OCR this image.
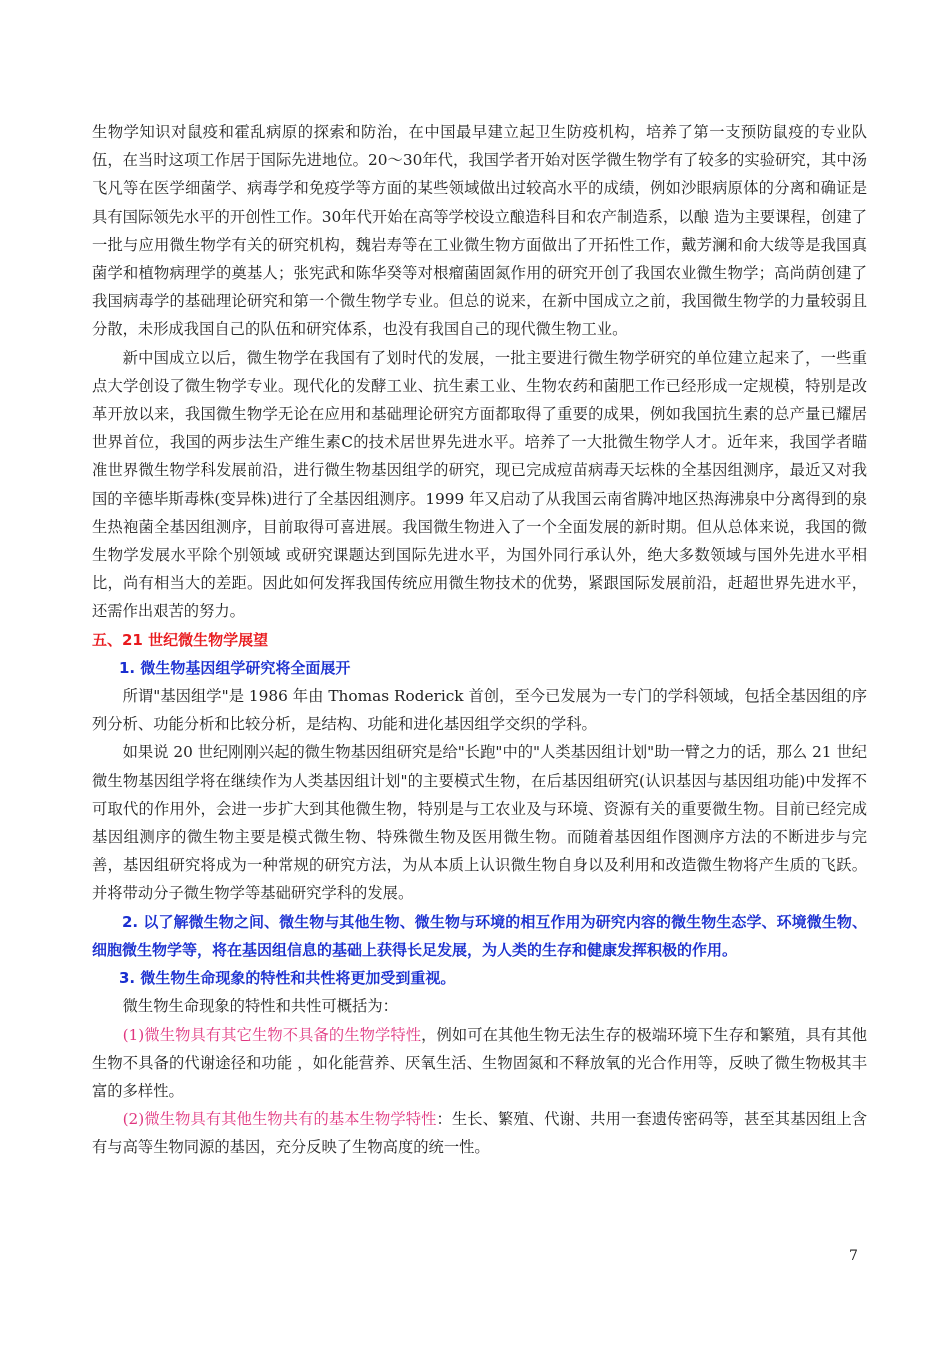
生物学知识对鼠疫和霍乱病原的探索和防治，在中国最早建立起卫生防疫机构，培养了第一支预防鼠疫的专业队伍，在当时这项工作居于国际先进地位。20～30年代，我国学者开始对医学微生物学有了较多的实验研究，其中汤飞凡等在医学细菌学、病毒学和免疫学等方面的某些领域做出过较高水平的成绩，例如沙眼病原体的分离和确证是具有国际领先水平的开创性工作。30年代开始在高等学校设立酿造科目和农产制造系，以酿 造为主要课程，创建了一批与应用微生物学有关的研究机构，魏岩寿等在工业微生物方面做出了开拓性工作，戴芳澜和俞大绂等是我国真菌学和植物病理学的奠基人；张宪武和陈华癸等对根瘤菌固氮作用的研究开创了我国农业微生物学；高尚荫创建了我国病毒学的基础理论研究和第一个微生物学专业。但总的说来，在新中国成立之前，我国微生物学的力量较弱且分散，未形成我国自己的队伍和研究体系，也没有我国自己的现代微生物工业。

新中国成立以后，微生物学在我国有了划时代的发展，一批主要进行微生物学研究的单位建立起来了，一些重点大学创设了微生物学专业。现代化的发酵工业、抗生素工业、生物农药和菌肥工作已经形成一定规模，特别是改革开放以来，我国微生物学无论在应用和基础理论研究方面都取得了重要的成果，例如我国抗生素的总产量已耀居世界首位，我国的两步法生产维生素C的技术居世界先进水平。培养了一大批微生物学人才。近年来，我国学者瞄准世界微生物学科发展前沿，进行微生物基因组学的研究，现已完成痘苗病毒天坛株的全基因组测序，最近又对我国的辛德毕斯毒株(变异株)进行了全基因组测序。1999 年又启动了从我国云南省腾冲地区热海沸泉中分离得到的泉生热袍菌全基因组测序，目前取得可喜进展。我国微生物进入了一个全面发展的新时期。但从总体来说，我国的微生物学发展水平除个别领域 或研究课题达到国际先进水平，为国外同行承认外，绝大多数领域与国外先进水平相比，尚有相当大的差距。因此如何发挥我国传统应用微生物技术的优势，紧跟国际发展前沿，赶超世界先进水平，还需作出艰苦的努力。

五、21 世纪微生物学展望

1. 微生物基因组学研究将全面展开

所谓"基因组学"是 1986 年由 Thomas Roderick 首创，至今已发展为一专门的学科领域，包括全基因组的序列分析、功能分析和比较分析，是结构、功能和进化基因组学交织的学科。

如果说 20 世纪刚刚兴起的微生物基因组研究是给"长跑"中的"人类基因组计划"助一臂之力的话，那么 21 世纪微生物基因组学将在继续作为人类基因组计划"的主要模式生物，在后基因组研究(认识基因与基因组功能)中发挥不可取代的作用外，会进一步扩大到其他微生物，特别是与工农业及与环境、资源有关的重要微生物。目前已经完成基因组测序的微生物主要是模式微生物、特殊微生物及医用微生物。而随着基因组作图测序方法的不断进步与完善，基因组研究将成为一种常规的研究方法，为从本质上认识微生物自身以及利用和改造微生物将产生质的飞跃。并将带动分子微生物学等基础研究学科的发展。

2. 以了解微生物之间、微生物与其他生物、微生物与环境的相互作用为研究内容的微生物生态学、环境微生物、细胞微生物学等，将在基因组信息的基础上获得长足发展，为人类的生存和健康发挥积极的作用。

3. 微生物生命现象的特性和共性将更加受到重视。

微生物生命现象的特性和共性可概括为：

(1)微生物具有其它生物不具备的生物学特性，例如可在其他生物无法生存的极端环境下生存和繁殖，具有其他生物不具备的代谢途径和功能 ，如化能营养、厌氧生活、生物固氮和不释放氧的光合作用等，反映了微生物极其丰富的多样性。

(2)微生物具有其他生物共有的基本生物学特性：生长、繁殖、代谢、共用一套遗传密码等，甚至其基因组上含有与高等生物同源的基因，充分反映了生物高度的统一性。

7
